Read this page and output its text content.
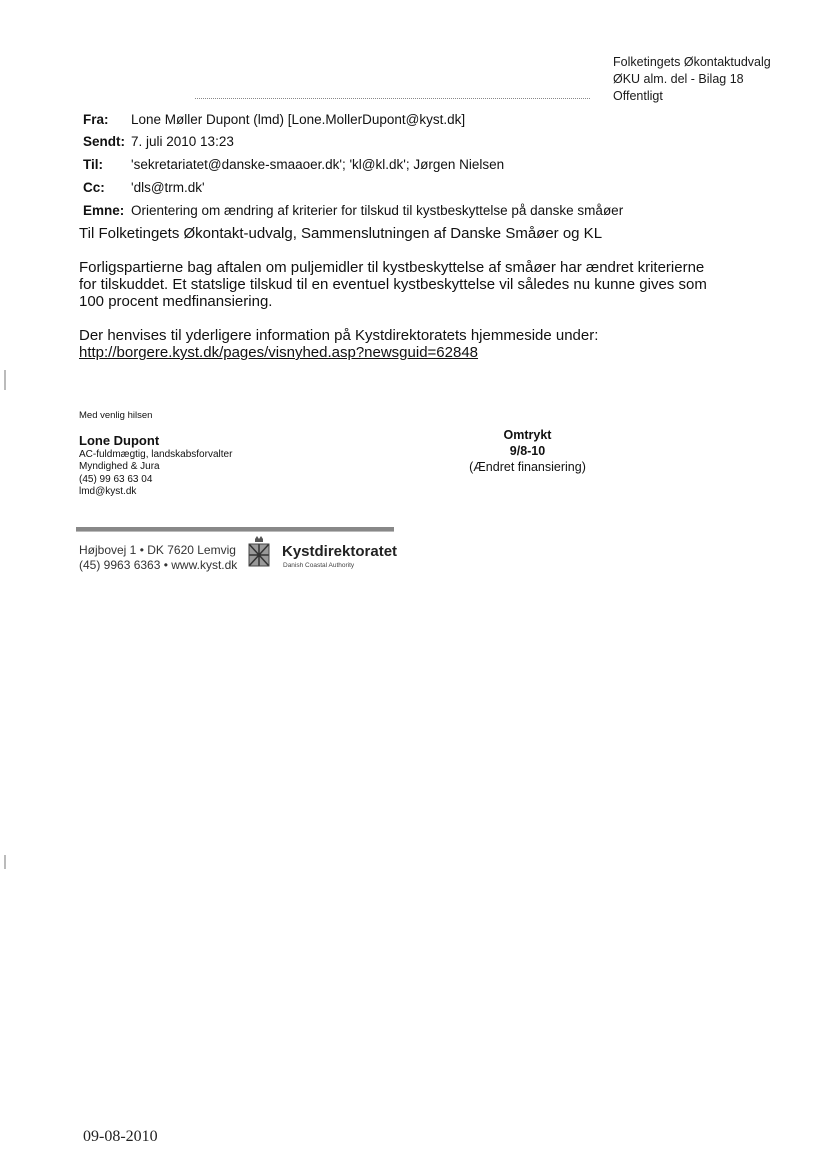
Folketingets Økontaktudvalg
ØKU alm. del - Bilag 18
Offentligt
Fra: Lone Møller Dupont (lmd) [Lone.MollerDupont@kyst.dk]
Sendt: 7. juli 2010 13:23
Til: 'sekretariatet@danske-smaaoer.dk'; 'kl@kl.dk'; Jørgen Nielsen
Cc: 'dls@trm.dk'
Emne: Orientering om ændring af kriterier for tilskud til kystbeskyttelse på danske småøer
Til Folketingets Økontakt-udvalg, Sammenslutningen af Danske Småøer og KL
Forligspartierne bag aftalen om puljemidler til kystbeskyttelse af småøer har ændret kriterierne
for tilskuddet. Et statslige tilskud til en eventuel kystbeskyttelse vil således nu kunne gives som
100 procent medfinansiering.
Der henvises til yderligere information på Kystdirektoratets hjemmeside under:
http://borgere.kyst.dk/pages/visnyhed.asp?newsguid=62848
Med venlig hilsen
Lone Dupont
AC-fuldmægtig, landskabsforvalter
Myndighed & Jura
(45) 99 63 63 04
lmd@kyst.dk
Omtrykt
9/8-10
(Ændret finansiering)
Højbovej 1 • DK 7620 Lemvig
(45) 9963 6363 • www.kyst.dk
Kystdirektoratet
Danish Coastal Authority
09-08-2010
